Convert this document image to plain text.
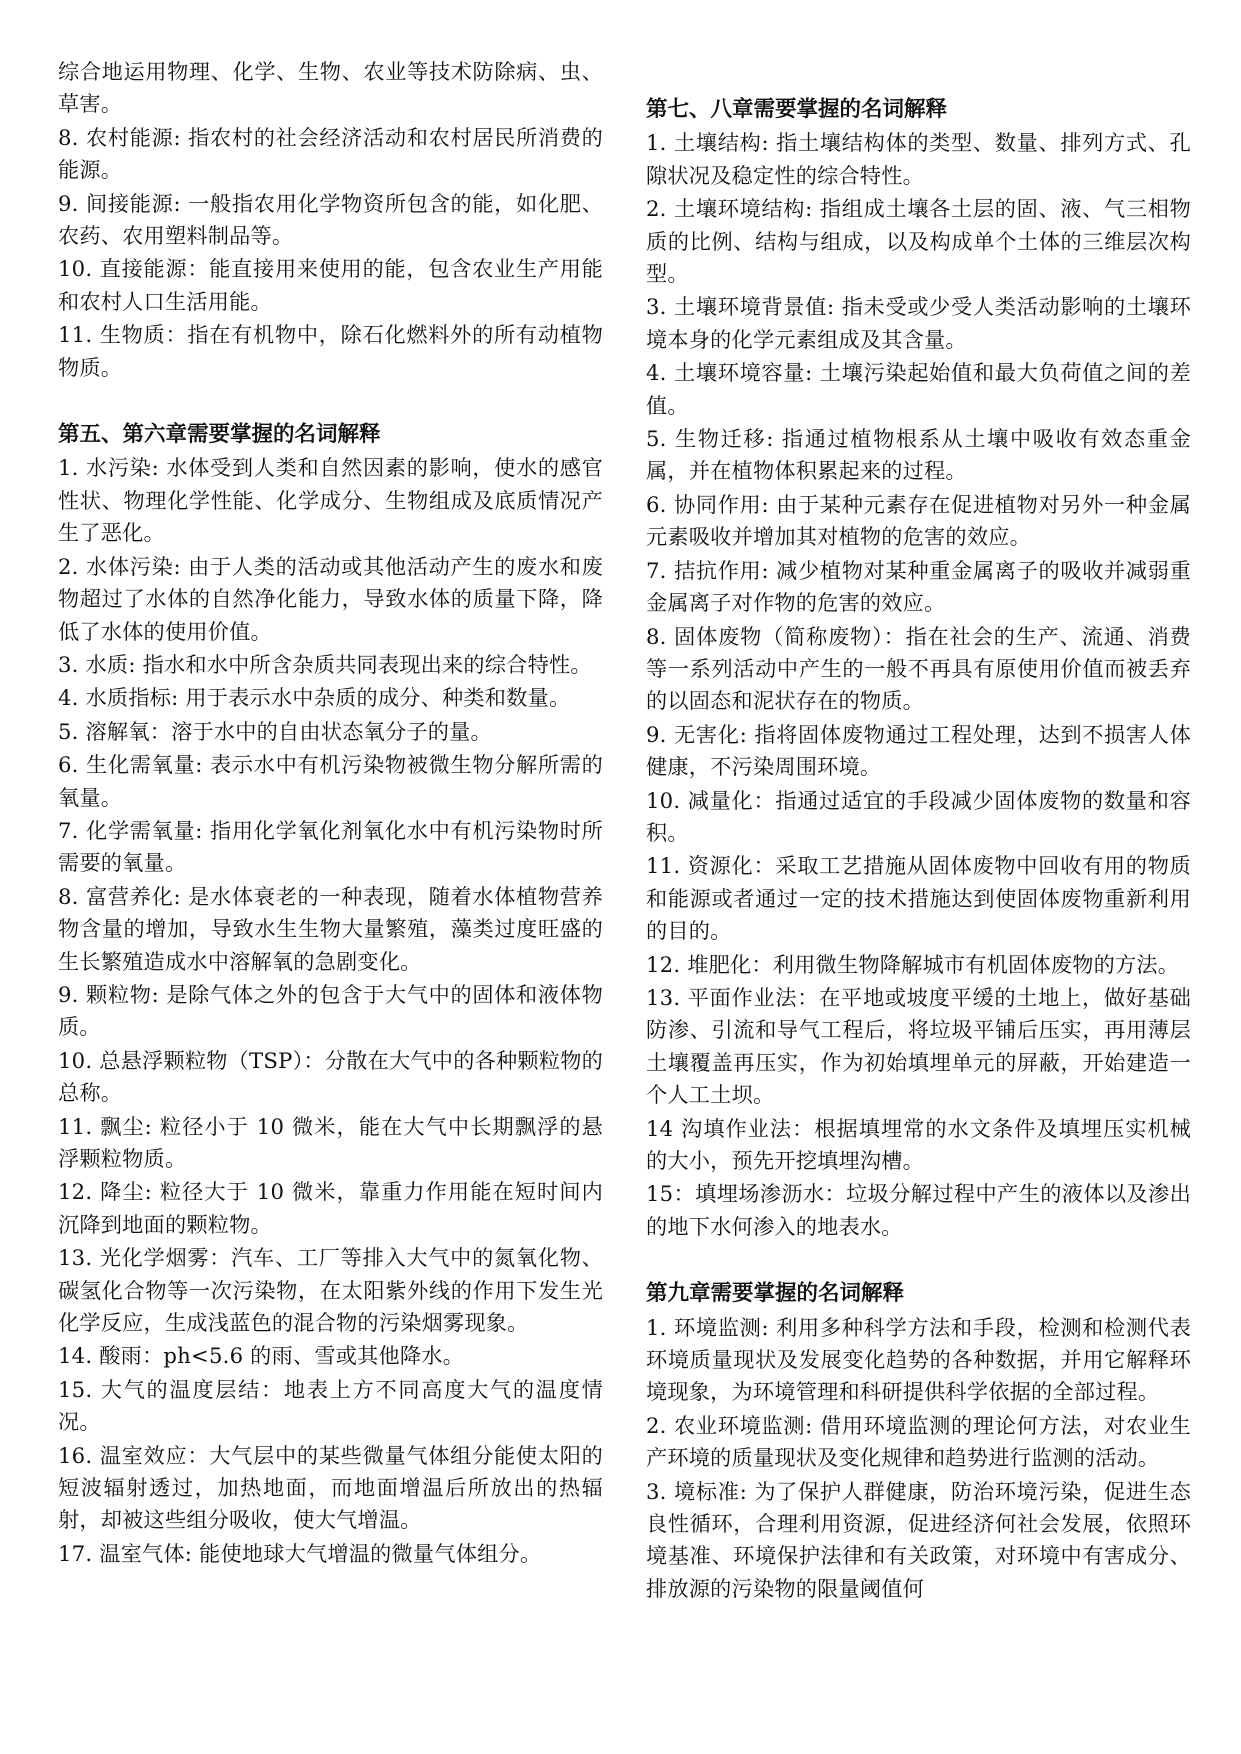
综合地运用物理、化学、生物、农业等技术防除病、虫、草害。

8. 农村能源: 指农村的社会经济活动和农村居民所消费的能源。

9. 间接能源: 一般指农用化学物资所包含的能，如化肥、农药、农用塑料制品等。

10. 直接能源：能直接用来使用的能，包含农业生产用能和农村人口生活用能。

11. 生物质：指在有机物中，除石化燃料外的所有动植物物质。

第五、第六章需要掌握的名词解释

1. 水污染: 水体受到人类和自然因素的影响，使水的感官性状、物理化学性能、化学成分、生物组成及底质情况产生了恶化。

2. 水体污染: 由于人类的活动或其他活动产生的废水和废物超过了水体的自然净化能力，导致水体的质量下降，降低了水体的使用价值。

3. 水质: 指水和水中所含杂质共同表现出来的综合特性。

4. 水质指标: 用于表示水中杂质的成分、种类和数量。

5. 溶解氧：溶于水中的自由状态氧分子的量。

6. 生化需氧量: 表示水中有机污染物被微生物分解所需的氧量。

7. 化学需氧量: 指用化学氧化剂氧化水中有机污染物时所需要的氧量。

8. 富营养化: 是水体衰老的一种表现，随着水体植物营养物含量的增加，导致水生生物大量繁殖，藻类过度旺盛的生长繁殖造成水中溶解氧的急剧变化。

9. 颗粒物: 是除气体之外的包含于大气中的固体和液体物质。

10. 总悬浮颗粒物（TSP）：分散在大气中的各种颗粒物的总称。

11. 飘尘: 粒径小于 10 微米，能在大气中长期飘浮的悬浮颗粒物质。

12. 降尘: 粒径大于 10 微米，靠重力作用能在短时间内沉降到地面的颗粒物。

13. 光化学烟雾：汽车、工厂等排入大气中的氮氧化物、碳氢化合物等一次污染物，在太阳紫外线的作用下发生光化学反应，生成浅蓝色的混合物的污染烟雾现象。

14. 酸雨：ph<5.6 的雨、雪或其他降水。

15. 大气的温度层结：地表上方不同高度大气的温度情况。

16. 温室效应：大气层中的某些微量气体组分能使太阳的短波辐射透过，加热地面，而地面增温后所放出的热辐射，却被这些组分吸收，使大气增温。

17. 温室气体: 能使地球大气增温的微量气体组分。

第七、八章需要掌握的名词解释

1. 土壤结构: 指土壤结构体的类型、数量、排列方式、孔隙状况及稳定性的综合特性。

2. 土壤环境结构: 指组成土壤各土层的固、液、气三相物质的比例、结构与组成，以及构成单个土体的三维层次构型。

3. 土壤环境背景值: 指未受或少受人类活动影响的土壤环境本身的化学元素组成及其含量。

4. 土壤环境容量: 土壤污染起始值和最大负荷值之间的差值。

5. 生物迁移: 指通过植物根系从土壤中吸收有效态重金属，并在植物体积累起来的过程。

6. 协同作用: 由于某种元素存在促进植物对另外一种金属元素吸收并增加其对植物的危害的效应。

7. 拮抗作用: 减少植物对某种重金属离子的吸收并减弱重金属离子对作物的危害的效应。

8. 固体废物（简称废物）：指在社会的生产、流通、消费等一系列活动中产生的一般不再具有原使用价值而被丢弃的以固态和泥状存在的物质。

9. 无害化: 指将固体废物通过工程处理，达到不损害人体健康，不污染周围环境。

10. 减量化：指通过适宜的手段减少固体废物的数量和容积。

11. 资源化：采取工艺措施从固体废物中回收有用的物质和能源或者通过一定的技术措施达到使固体废物重新利用的目的。

12. 堆肥化：利用微生物降解城市有机固体废物的方法。

13. 平面作业法：在平地或坡度平缓的土地上，做好基础防渗、引流和导气工程后，将垃圾平铺后压实，再用薄层土壤覆盖再压实，作为初始填埋单元的屏蔽，开始建造一个人工土坝。

14 沟填作业法：根据填埋常的水文条件及填埋压实机械的大小，预先开挖填埋沟槽。

15：填埋场渗沥水：垃圾分解过程中产生的液体以及渗出的地下水何渗入的地表水。

第九章需要掌握的名词解释

1. 环境监测: 利用多种科学方法和手段，检测和检测代表环境质量现状及发展变化趋势的各种数据，并用它解释环境现象，为环境管理和科研提供科学依据的全部过程。

2. 农业环境监测: 借用环境监测的理论何方法，对农业生产环境的质量现状及变化规律和趋势进行监测的活动。

3. 境标准: 为了保护人群健康，防治环境污染，促进生态良性循环，合理利用资源，促进经济何社会发展，依照环境基准、环境保护法律和有关政策，对环境中有害成分、排放源的污染物的限量阈值何
